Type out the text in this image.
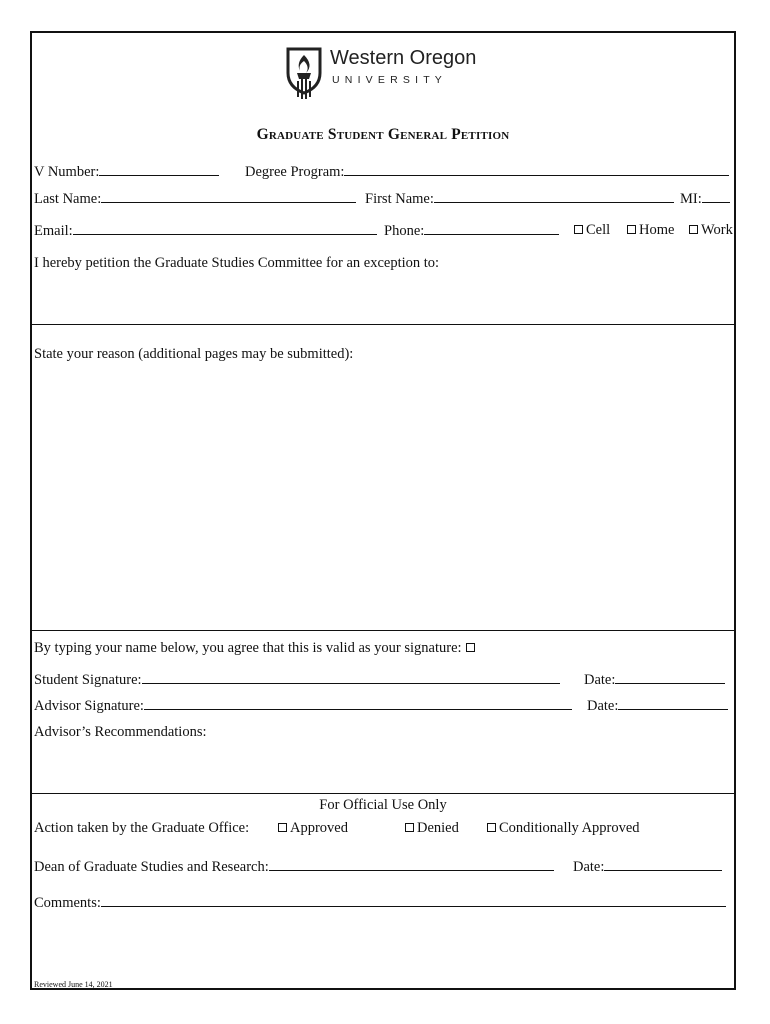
Western Oregon
UNIVERSITY
Graduate Student General Petition
V Number:	Degree Program:
Last Name:	First Name:	MI:
Email:	Phone:	Cell	Home	Work
I hereby petition the Graduate Studies Committee for an exception to:
State your reason (additional pages may be submitted):
By typing your name below, you agree that this is valid as your signature:
Student Signature:	Date:
Advisor Signature:	Date:
Advisor’s Recommendations:
For Official Use Only
Action taken by the Graduate Office:	Approved	Denied	Conditionally Approved
Dean of Graduate Studies and Research:	Date:
Comments:
Reviewed June 14, 2021
